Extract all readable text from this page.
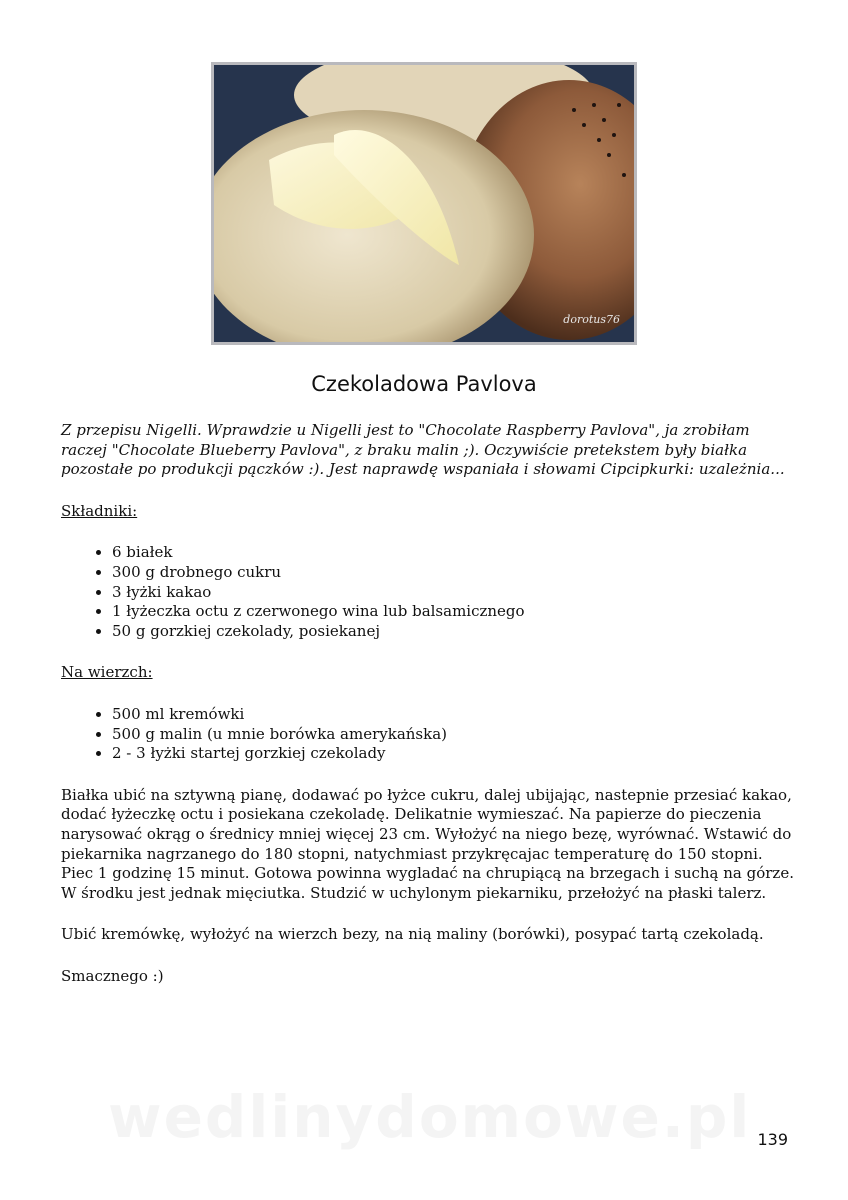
dorotus76
Czekoladowa Pavlova

Z przepisu Nigelli. Wprawdzie u Nigelli jest to "Chocolate Raspberry Pavlova", ja zrobiłam raczej "Chocolate Blueberry Pavlova", z braku malin ;). Oczywiście pretekstem były białka pozostałe po produkcji pączków :). Jest naprawdę wspaniała i słowami Cipcipkurki: uzależnia...

Składniki:

• 6 białek
• 300 g drobnego cukru
• 3 łyżki kakao
• 1 łyżeczka octu z czerwonego wina lub balsamicznego
• 50 g gorzkiej czekolady, posiekanej

Na wierzch:

• 500 ml kremówki
• 500 g malin (u mnie borówka amerykańska)
• 2 - 3 łyżki startej gorzkiej czekolady

Białka ubić na sztywną pianę, dodawać po łyżce cukru, dalej ubijając, nastepnie przesiać kakao, dodać łyżeczkę octu i posiekana czekoladę. Delikatnie wymieszać. Na papierze do pieczenia narysować okrąg o średnicy mniej więcej 23 cm. Wyłożyć na niego bezę, wyrównać. Wstawić do piekarnika nagrzanego do 180 stopni, natychmiast przykręcajac temperaturę do 150 stopni. Piec 1 godzinę 15 minut. Gotowa powinna wygladać na chrupiącą na brzegach i suchą na górze. W środku jest jednak mięciutka. Studzić w uchylonym piekarniku, przełożyć na płaski talerz.

Ubić kremówkę, wyłożyć na wierzch bezy, na nią maliny (borówki), posypać tartą czekoladą.

Smacznego :)

wedlinydomowe.pl 139
